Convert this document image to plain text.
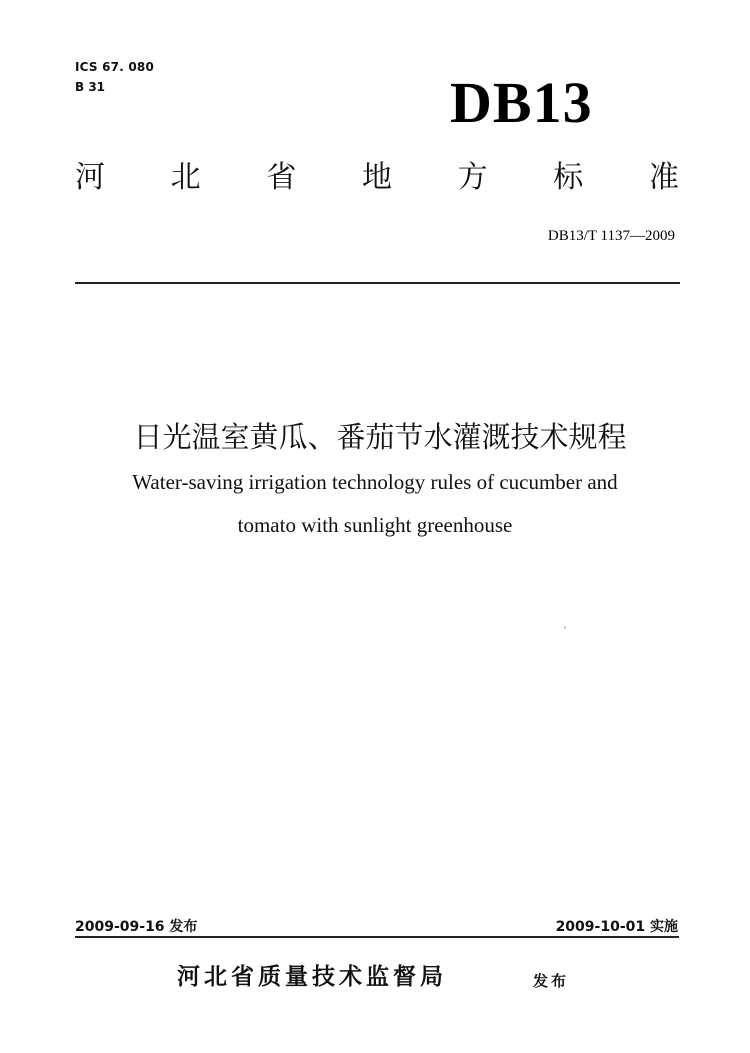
ICS 67. 080
B 31	DB13
河 北 省 地 方 标 准
DB13/T 1137—2009
日光温室黄瓜、番茄节水灌溉技术规程
Water-saving irrigation technology rules of cucumber and
tomato with sunlight greenhouse
ˏ
2009-09-16 发布	2009-10-01 实施
河北省质量技术监督局	发布
